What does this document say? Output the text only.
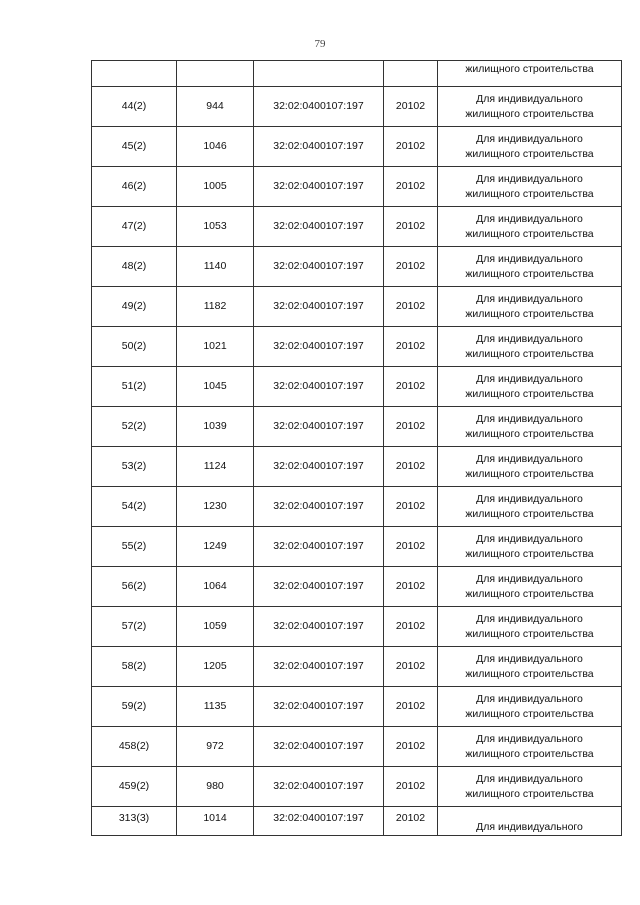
79
				жилищного строительства
44(2)	944	32:02:0400107:197	20102	Для индивидуального
жилищного строительства

45(2)	1046	32:02:0400107:197	20102	Для индивидуального
жилищного строительства

46(2)	1005	32:02:0400107:197	20102	Для индивидуального
жилищного строительства

47(2)	1053	32:02:0400107:197	20102	Для индивидуального
жилищного строительства

48(2)	1140	32:02:0400107:197	20102	Для индивидуального
жилищного строительства

49(2)	1182	32:02:0400107:197	20102	Для индивидуального
жилищного строительства

50(2)	1021	32:02:0400107:197	20102	Для индивидуального
жилищного строительства

51(2)	1045	32:02:0400107:197	20102	Для индивидуального
жилищного строительства

52(2)	1039	32:02:0400107:197	20102	Для индивидуального
жилищного строительства

53(2)	1124	32:02:0400107:197	20102	Для индивидуального
жилищного строительства

54(2)	1230	32:02:0400107:197	20102	Для индивидуального
жилищного строительства

55(2)	1249	32:02:0400107:197	20102	Для индивидуального
жилищного строительства

56(2)	1064	32:02:0400107:197	20102	Для индивидуального
жилищного строительства

57(2)	1059	32:02:0400107:197	20102	Для индивидуального
жилищного строительства

58(2)	1205	32:02:0400107:197	20102	Для индивидуального
жилищного строительства

59(2)	1135	32:02:0400107:197	20102	Для индивидуального
жилищного строительства

458(2)	972	32:02:0400107:197	20102	Для индивидуального
жилищного строительства

459(2)	980	32:02:0400107:197	20102	Для индивидуального
жилищного строительства

313(3)	1014	32:02:0400107:197	20102	Для индивидуального
